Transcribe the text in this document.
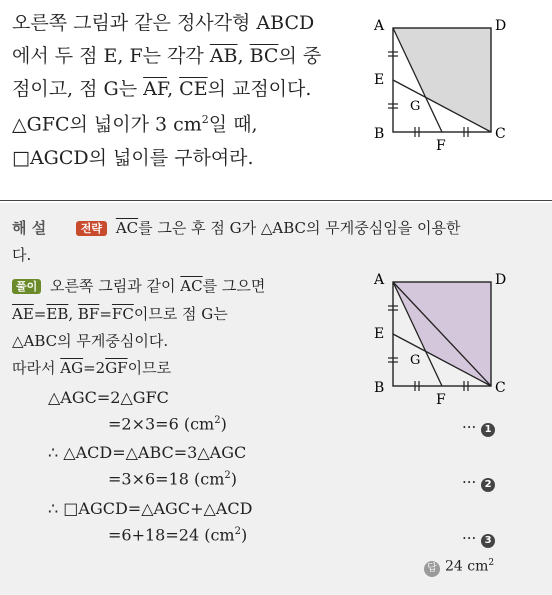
오른쪽 그림과 같은 정사각형 ABCD
에서 두 점 E, F는 각각 $\overline{AB}$, $\overline{BC}$의 중
점이고, 점 G는 $\overline{AF}$, $\overline{CE}$의 교점이다.
△GFC의 넓이가 3 $cm^2$일 때,
□AGCD의 넓이를 구하여라.
A	D
E
G
B
F
C
해 설	전략 $\overline{AC}$를 그은 후 점 G가 △ABC의 무게중심임을 이용한
다.
풀이 오른쪽 그림과 같이 $\overline{AC}$를 그으면
$\overline{AE}=\overline{EB}$, $\overline{BF}=\overline{FC}$이므로 점 G는
△ABC의 무게중심이다.
따라서 $\overline{AG}=2\overline{GF}$이므로
△AGC=2△GFC
=2×3=6 $(cm^2)$	··· 1
∴ △ACD=△ABC=3△AGC
=3×6=18 $(cm^2)$	··· 2
∴ □AGCD=△AGC+△ACD
=6+18=24 $(cm^2)$	··· 3
답 24 $cm^2$
A	D
E
G
B
F
C
